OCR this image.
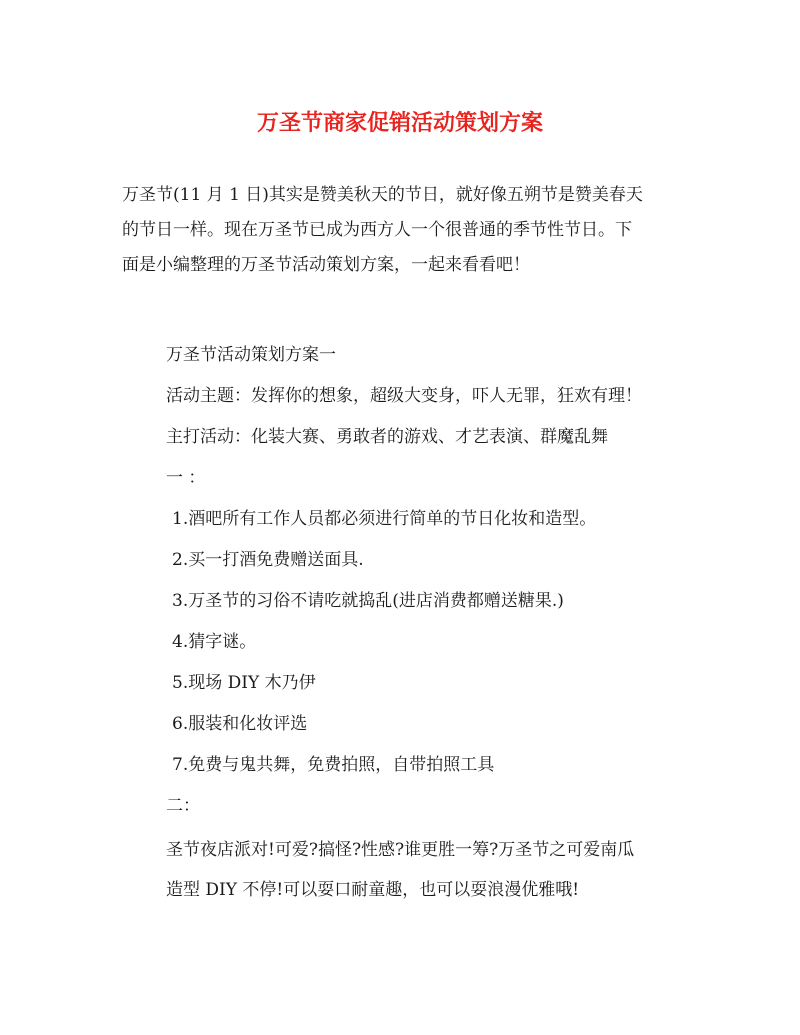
万圣节商家促销活动策划方案
万圣节(11 月 1 日)其实是赞美秋天的节日，就好像五朔节是赞美春天
的节日一样。现在万圣节已成为西方人一个很普通的季节性节日。下
面是小编整理的万圣节活动策划方案，一起来看看吧！
万圣节活动策划方案一
活动主题：发挥你的想象，超级大变身，吓人无罪，狂欢有理！
主打活动：化装大赛、勇敢者的游戏、才艺表演、群魔乱舞
一 ：
1.酒吧所有工作人员都必须进行简单的节日化妆和造型。
2.买一打酒免费赠送面具.
3.万圣节的习俗不请吃就捣乱(进店消费都赠送糖果.)
4.猜字谜。
5.现场 DIY 木乃伊
6.服装和化妆评选
7.免费与鬼共舞，免费拍照，自带拍照工具
二：
圣节夜店派对!可爱?搞怪?性感?谁更胜一筹?万圣节之可爱南瓜
造型 DIY 不停!可以耍口耐童趣，也可以耍浪漫优雅哦!
